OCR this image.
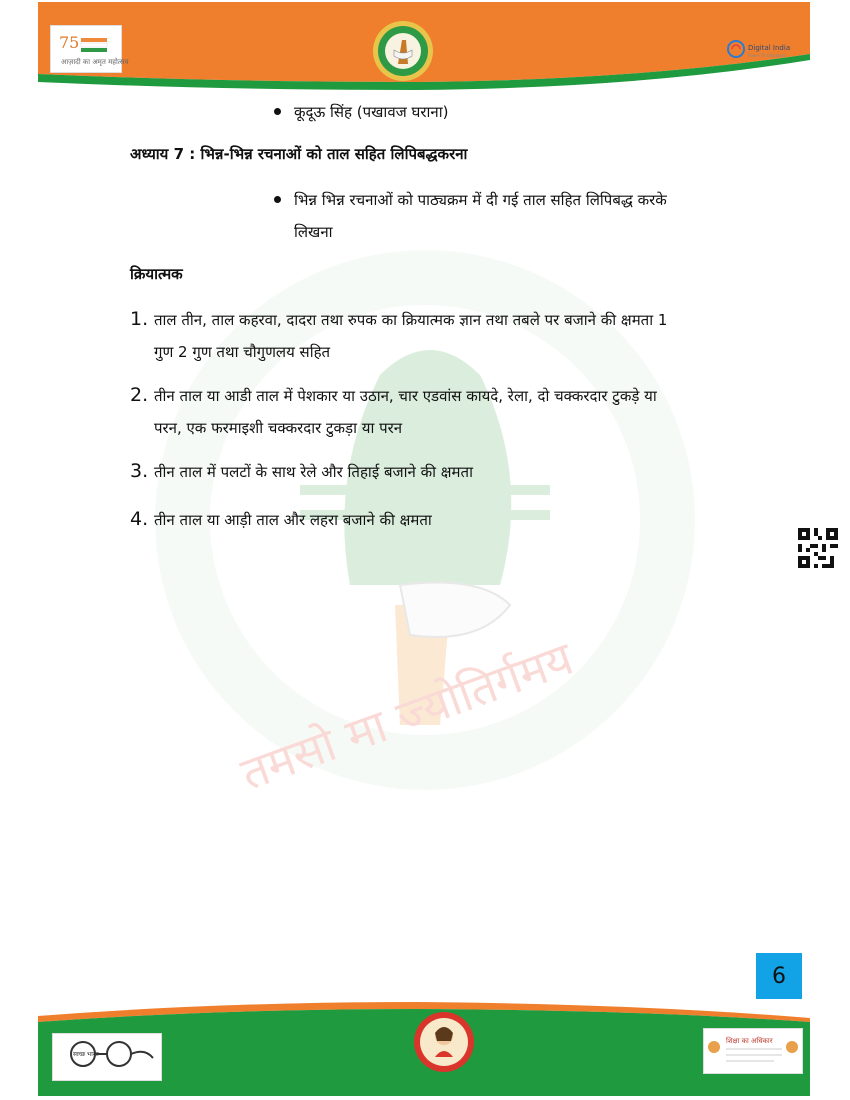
75
आज़ादी का अमृत महोत्सव
Digital India
Power To Empower
तमसो मा ज्योतिर्गमय
कूदूऊ सिंह (पखावज घराना)
अध्याय 7 : भिन्न-भिन्न रचनाओं को ताल सहित लिपिबद्धकरना
भिन्न भिन्न रचनाओं को पाठ्यक्रम में दी गई ताल सहित लिपिबद्ध करके
लिखना
क्रियात्मक
1. ताल तीन, ताल कहरवा, दादरा तथा रुपक का क्रियात्मक ज्ञान तथा तबले पर बजाने की क्षमता 1
गुण 2 गुण तथा चौगुणलय सहित
2. तीन ताल या आडी ताल में पेशकार या उठान, चार एडवांस कायदे, रेला, दो चक्करदार टुकड़े या
परन, एक फरमाइशी चक्करदार टुकड़ा या परन
3. तीन ताल में पलटों के साथ रेले और तिहाई बजाने की क्षमता
4. तीन ताल या आड़ी ताल और लहरा बजाने की क्षमता
6
स्वच्छ भारत
शिक्षा का अधिकार
